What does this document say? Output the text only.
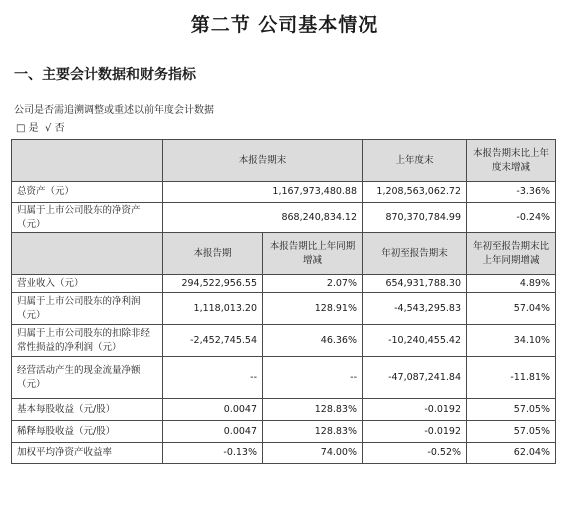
第二节 公司基本情况
一、主要会计数据和财务指标
公司是否需追溯调整或重述以前年度会计数据
□ 是 √ 否
	本报告期末		上年度末	本报告期末比上年度末增减
总资产（元）	1,167,973,480.88		1,208,563,062.72	-3.36%
归属于上市公司股东的净资产（元）	868,240,834.12		870,370,784.99	-0.24%
	本报告期	本报告期比上年同期增减	年初至报告期末	年初至报告期末比上年同期增减
营业收入（元）	294,522,956.55	2.07%	654,931,788.30	4.89%
归属于上市公司股东的净利润（元）	1,118,013.20	128.91%	-4,543,295.83	57.04%
归属于上市公司股东的扣除非经常性损益的净利润（元）	-2,452,745.54	46.36%	-10,240,455.42	34.10%
经营活动产生的现金流量净额（元）	--	--	-47,087,241.84	-11.81%
基本每股收益（元/股）	0.0047	128.83%	-0.0192	57.05%
稀释每股收益（元/股）	0.0047	128.83%	-0.0192	57.05%
加权平均净资产收益率	-0.13%	74.00%	-0.52%	62.04%
